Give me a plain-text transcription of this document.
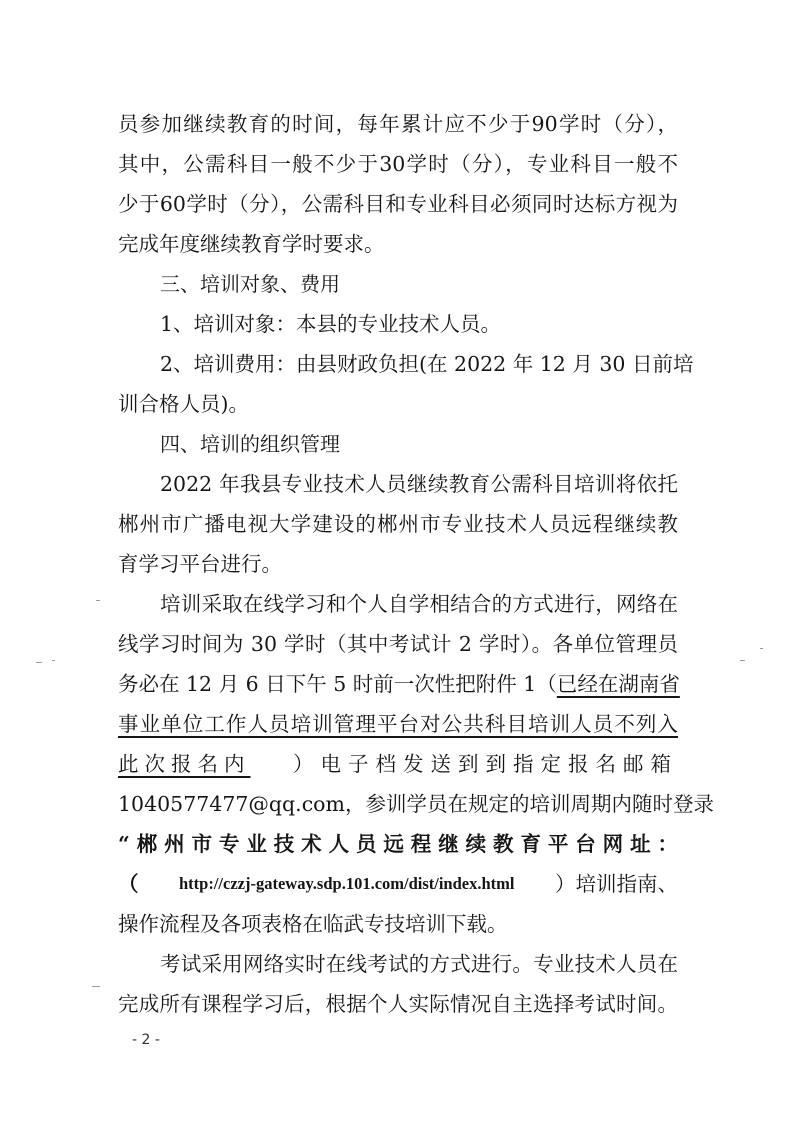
员参加继续教育的时间，每年累计应不少于90学时（分），
其中，公需科目一般不少于30学时（分），专业科目一般不
少于60学时（分），公需科目和专业科目必须同时达标方视为
完成年度继续教育学时要求。
三、培训对象、费用
1、培训对象：本县的专业技术人员。
2、培训费用：由县财政负担(在 2022 年 12 月 30 日前培
训合格人员)。
四、培训的组织管理
2022 年我县专业技术人员继续教育公需科目培训将依托
郴州市广播电视大学建设的郴州市专业技术人员远程继续教
育学习平台进行。
培训采取在线学习和个人自学相结合的方式进行，网络在
线学习时间为 30 学时（其中考试计 2 学时）。各单位管理员
务必在 12 月 6 日下午 5 时前一次性把附件 1（ 已经在湖南省
事业单位工作人员培训管理平台对公共科目培训人员不列入
此次报名内 ）电子档发送到到指定报名邮箱
1040577477@qq.com，参训学员在规定的培训周期内随时登录
“郴州市专业技术人员远程继续教育平台网址：
（ http://czzj-gateway.sdp.101.com/dist/index.html ）培训指南、
操作流程及各项表格在临武专技培训下载。
考试采用网络实时在线考试的方式进行。专业技术人员在
完成所有课程学习后，根据个人实际情况自主选择考试时间。
- 2 -
